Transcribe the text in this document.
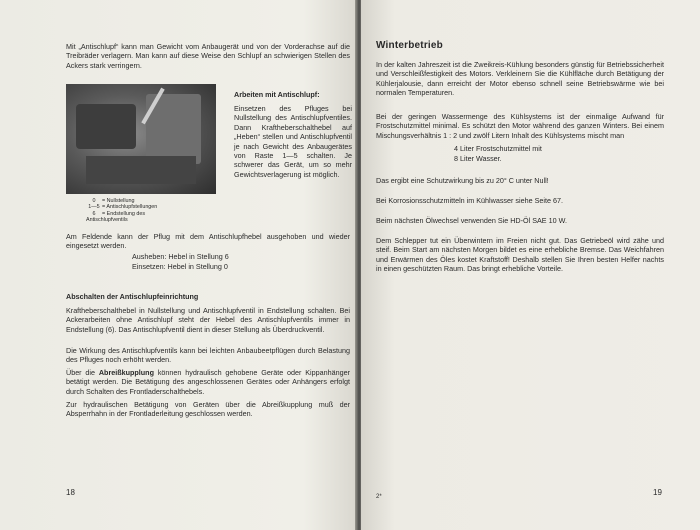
Mit „Antischlupf“ kann man Gewicht vom Anbaugerät und von der Vorderachse auf die Treibräder verlagern. Man kann auf diese Weise den Schlupf an schwierigen Stellen des Ackers stark verringern.

Arbeiten mit Antischlupf:

Einsetzen des Pfluges bei Nullstellung des Antischlupfventiles. Dann Kraftheberschalthebel auf „Heben“ stellen und Antischlupfventil je nach Gewicht des Anbaugerätes von Raste 1—5 schalten. Je schwerer das Gerät, um so mehr Gewichtsverlagerung ist möglich.

0 = Nullstellung
1—5 = Antischlupfstellungen
6 = Endstellung des Antischlupfventils

Am Feldende kann der Pflug mit dem Antischlupfhebel ausgehoben und wieder eingesetzt werden.

Ausheben: Hebel in Stellung 6

Einsetzen: Hebel in Stellung 0

Abschalten der Antischlupfeinrichtung

Kraftheberschalthebel in Nullstellung und Antischlupfventil in Endstellung schalten. Bei Ackerarbeiten ohne Antischlupf steht der Hebel des Antischlupfventils immer in Endstellung (6). Das Antischlupfventil dient in dieser Stellung als Überdruckventil.

Die Wirkung des Antischlupfventils kann bei leichten Anbaubeetpflügen durch Belastung des Pfluges noch erhöht werden.

Über die Abreißkupplung können hydraulisch gehobene Geräte oder Kippanhänger betätigt werden. Die Betätigung des angeschlossenen Gerätes oder Anhängers erfolgt durch Schalten des Frontladerschalthebels.

Zur hydraulischen Betätigung von Geräten über die Abreißkupplung muß der Absperrhahn in der Frontladerleitung geschlossen werden.

18
Winterbetrieb

In der kalten Jahreszeit ist die Zweikreis-Kühlung besonders günstig für Betriebssicherheit und Verschleißfestigkeit des Motors. Verkleinern Sie die Kühlfläche durch Betätigung der Kühlerjalousie, dann erreicht der Motor ebenso schnell seine Betriebswärme wie bei normalen Temperaturen.

Bei der geringen Wassermenge des Kühlsystems ist der einmalige Aufwand für Frostschutzmittel minimal. Es schützt den Motor während des ganzen Winters. Bei einem Mischungsverhältnis 1 : 2 und zwölf Litern Inhalt des Kühlsystems mischt man

4 Liter Frostschutzmittel mit

8 Liter Wasser.

Das ergibt eine Schutzwirkung bis zu 20° C unter Null!

Bei Korrosionsschutzmitteln im Kühlwasser siehe Seite 67.

Beim nächsten Ölwechsel verwenden Sie HD-Öl SAE 10 W.

Dem Schlepper tut ein Überwintern im Freien nicht gut. Das Getriebeöl wird zähe und steif. Beim Start am nächsten Morgen bildet es eine erhebliche Bremse. Das Weichfahren und Erwärmen des Öles kostet Kraftstoff! Deshalb stellen Sie Ihren besten Helfer nachts in einen geschützten Raum. Das bringt erhebliche Vorteile.

2*	19
